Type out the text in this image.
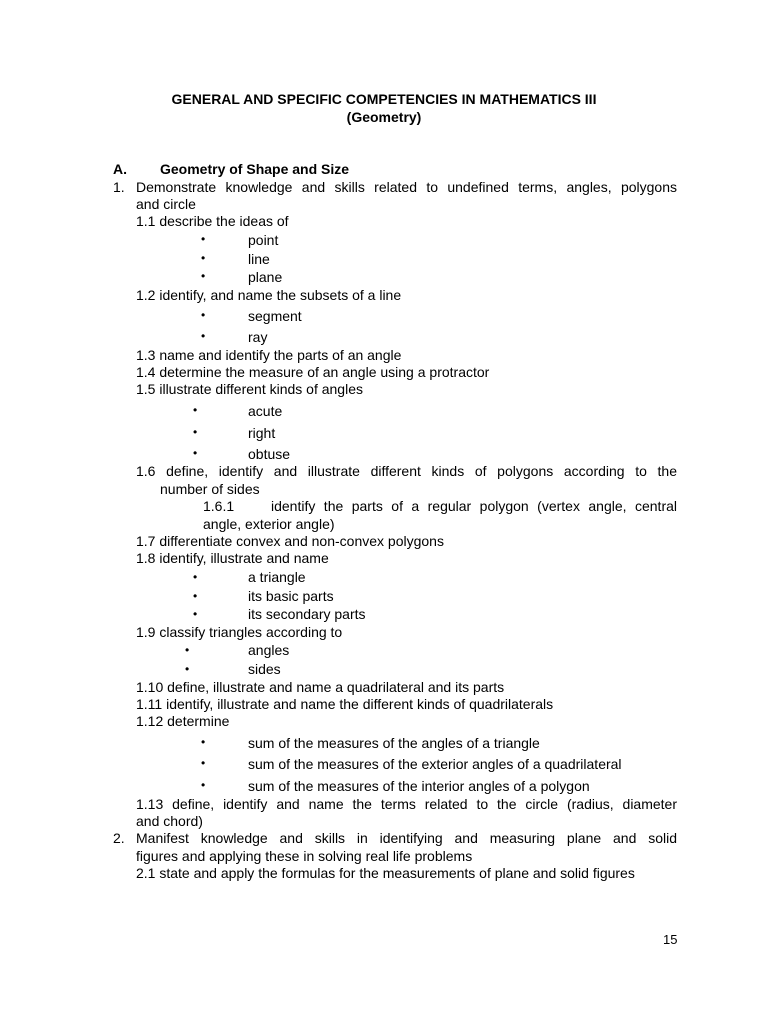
GENERAL AND SPECIFIC COMPETENCIES IN MATHEMATICS III
(Geometry)
A. Geometry of Shape and Size
1. Demonstrate knowledge and skills related to undefined terms, angles, polygons
and circle
1.1 describe the ideas of
•	point
•	line
•	plane
1.2 identify, and name the subsets of a line
•	segment
•	ray
1.3 name and identify the parts of an angle
1.4 determine the measure of an angle using a protractor
1.5 illustrate different kinds of angles
•	acute
•	right
•	obtuse
1.6 define, identify and illustrate different kinds of polygons according to the
number of sides
1.6.1	identify the parts of a regular polygon (vertex angle, central
angle, exterior angle)
1.7 differentiate convex and non-convex polygons
1.8 identify, illustrate and name
•	a triangle
•	its basic parts
•	its secondary parts
1.9 classify triangles according to
•	angles
•	sides
1.10 define, illustrate and name a quadrilateral and its parts
1.11 identify, illustrate and name the different kinds of quadrilaterals
1.12 determine
•	sum of the measures of the angles of a triangle
•	sum of the measures of the exterior angles of a quadrilateral
•	sum of the measures of the interior angles of a polygon
1.13 define, identify and name the terms related to the circle (radius, diameter
and chord)
2. Manifest knowledge and skills in identifying and measuring plane and solid
figures and applying these in solving real life problems
2.1 state and apply the formulas for the measurements of plane and solid figures
15
